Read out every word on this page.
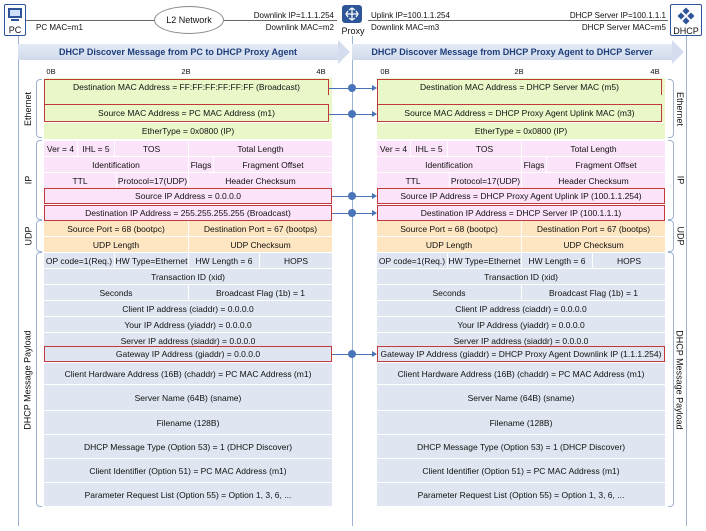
PC	PC MAC=m1
L2 Network	Downlink IP=1.1.1.254
Downlink MAC=m2 Proxy
Uplink IP=100.1.1.254
Downlink MAC=m3
DHCP Server IP=100.1.1.1
DHCP Server MAC=m5 DHCP
DHCP Discover Message from PC to DHCP Proxy Agent	DHCP Discover Message from DHCP Proxy Agent to DHCP Server
0B	2B	4B	0B	2B	4B
Ethernet
IP
UDP
DHCP Message Payload
Ethernet
IP
UDP
DHCP Message Payload
Destination MAC Address = FF:FF:FF:FF:FF:FF (Broadcast)
Source MAC Address = PC MAC Address (m1)
EtherType = 0x0800 (IP)
Ver = 4 IHL = 5	TOS	Total Length
Identification	Flags	Fragment Offset
TTL	Protocol=17(UDP)	Header Checksum
Source IP Address = 0.0.0.0
Destination IP Address = 255.255.255.255 (Broadcast)
Source Port = 68 (bootpc)	Destination Port = 67 (bootps)
UDP Length	UDP Checksum
OP code=1(Req.) HW Type=Ethernet HW Length = 6	HOPS
Transaction ID (xid)
Seconds	Broadcast Flag (1b) = 1
Client IP address (ciaddr) = 0.0.0.0
Your IP Address (yiaddr) = 0.0.0.0
Server IP address (siaddr) = 0.0.0.0
Gateway IP Address (giaddr) = 0.0.0.0
Client Hardware Address (16B) (chaddr) = PC MAC Address (m1)
Server Name (64B) (sname)
Filename (128B)
DHCP Message Type (Option 53) = 1 (DHCP Discover)
Client Identifier (Option 51) = PC MAC Address (m1)
Parameter Request List (Option 55) = Option 1, 3, 6, ...
Destination MAC Address = DHCP Server MAC (m5)
Source MAC Address = DHCP Proxy Agent Uplink MAC (m3)
EtherType = 0x0800 (IP)
Ver = 4 IHL = 5	TOS	Total Length
Identification	Flags	Fragment Offset
TTL	Protocol=17(UDP)	Header Checksum
Source IP Address = DHCP Proxy Agent Uplink IP (100.1.1.254)
Destination IP Address = DHCP Server IP (100.1.1.1)
Source Port = 68 (bootpc)	Destination Port = 67 (bootps)
UDP Length	UDP Checksum
OP code=1(Req.) HW Type=Ethernet HW Length = 6	HOPS
Transaction ID (xid)
Seconds	Broadcast Flag (1b) = 1
Client IP address (ciaddr) = 0.0.0.0
Your IP Address (yiaddr) = 0.0.0.0
Server IP address (siaddr) = 0.0.0.0
Gateway IP Address (giaddr) = DHCP Proxy Agent Downlink IP (1.1.1.254)
Client Hardware Address (16B) (chaddr) = PC MAC Address (m1)
Server Name (64B) (sname)
Filename (128B)
DHCP Message Type (Option 53) = 1 (DHCP Discover)
Client Identifier (Option 51) = PC MAC Address (m1)
Parameter Request List (Option 55) = Option 1, 3, 6, ...
